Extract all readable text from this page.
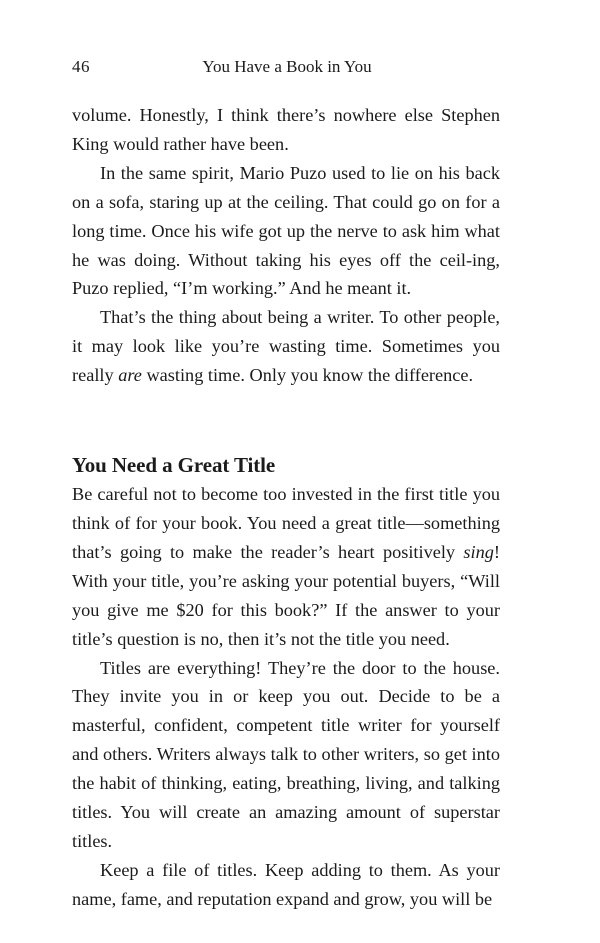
46	You Have a Book in You

volume. Honestly, I think there’s nowhere else Stephen King would rather have been.

In the same spirit, Mario Puzo used to lie on his back on a sofa, staring up at the ceiling. That could go on for a long time. Once his wife got up the nerve to ask him what he was doing. Without taking his eyes off the ceil-ing, Puzo replied, “I’m working.” And he meant it.

That’s the thing about being a writer. To other people, it may look like you’re wasting time. Sometimes you really are wasting time. Only you know the difference.

You Need a Great Title

Be careful not to become too invested in the first title you think of for your book. You need a great title—something that’s going to make the reader’s heart positively sing! With your title, you’re asking your potential buyers, “Will you give me $20 for this book?” If the answer to your title’s question is no, then it’s not the title you need.

Titles are everything! They’re the door to the house. They invite you in or keep you out. Decide to be a masterful, confident, competent title writer for yourself and others. Writers always talk to other writers, so get into the habit of thinking, eating, breathing, living, and talking titles. You will create an amazing amount of superstar titles.

Keep a file of titles. Keep adding to them. As your name, fame, and reputation expand and grow, you will be
